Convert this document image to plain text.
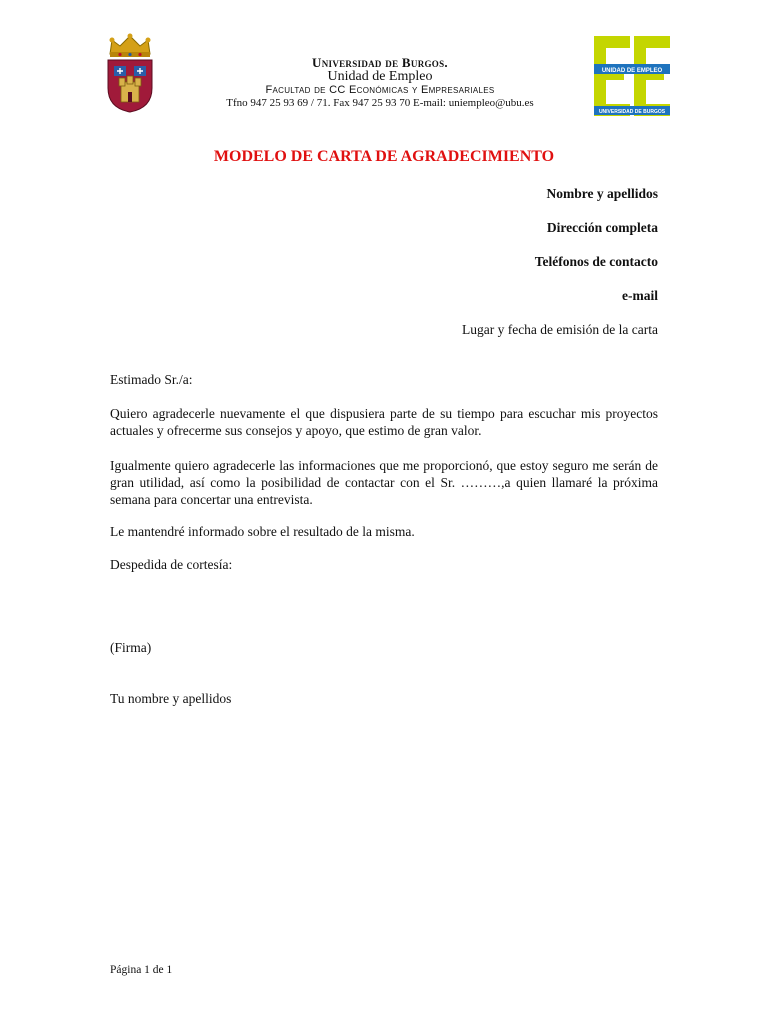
Universidad de Burgos.
Unidad de Empleo
Facultad de CC Económicas y Empresariales
Tfno 947 25 93 69 / 71. Fax 947 25 93 70 E-mail: uniempleo@ubu.es
UNIDAD DE EMPLEO
UNIVERSIDAD DE BURGOS
MODELO DE CARTA DE AGRADECIMIENTO
Nombre y apellidos
Dirección completa
Teléfonos de contacto
e-mail
Lugar y fecha de emisión de la carta
Estimado Sr./a:
Quiero agradecerle nuevamente el que dispusiera parte de su tiempo para escuchar mis proyectos actuales y ofrecerme sus consejos y apoyo, que estimo de gran valor.
Igualmente quiero agradecerle las informaciones que me proporcionó, que estoy seguro me serán de gran utilidad, así como la posibilidad de contactar con el Sr. ………,a quien llamaré la próxima semana para concertar una entrevista.
Le mantendré informado sobre el resultado de la misma.
Despedida de cortesía:
(Firma)
Tu nombre y apellidos
Página 1 de 1
